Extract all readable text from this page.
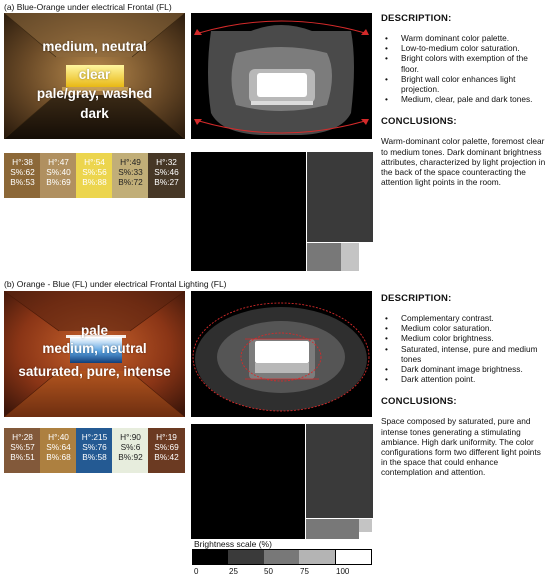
(a) Blue-Orange under electrical Frontal (FL)
medium, neutral
clear
pale/gray, washed
dark
H°:38
S%:62
B%:53
H°:47
S%:40
B%:69
H°:54
S%:56
B%:88
H°:49
S%:33
B%:72
H°:32
S%:46
B%:27
DESCRIPTION:
• Warm dominant color palette.
• Low-to-medium color saturation.
• Bright colors with exemption of the floor.
• Bright wall color enhances light projection.
• Medium, clear, pale and dark tones.
CONCLUSIONS:
Warm-dominant color palette, foremost clear to medium tones. Dark dominant brightness attributes, characterized by light projection in the back of the space counteracting the attention light points in the room.
(b) Orange - Blue (FL) under electrical Frontal Lighting (FL)
pale
medium, neutral
saturated, pure, intense
H°:28
S%:57
B%:51
H°:40
S%:64
B%:68
H°:215
S%:76
B%:58
H°:90
S%:6
B%:92
H°:19
S%:69
B%:42
DESCRIPTION:
• Complementary contrast.
• Medium color saturation.
• Medium color brightness.
• Saturated, intense, pure and medium tones
• Dark dominant image brightness.
• Dark attention point.
CONCLUSIONS:
Space composed by saturated, pure and intense tones generating a stimulating ambiance. High dark uniformity. The color configurations form two different light points in the space that could enhance contemplation and attention.
Brightness scale (%)
0	25	50	75	100
